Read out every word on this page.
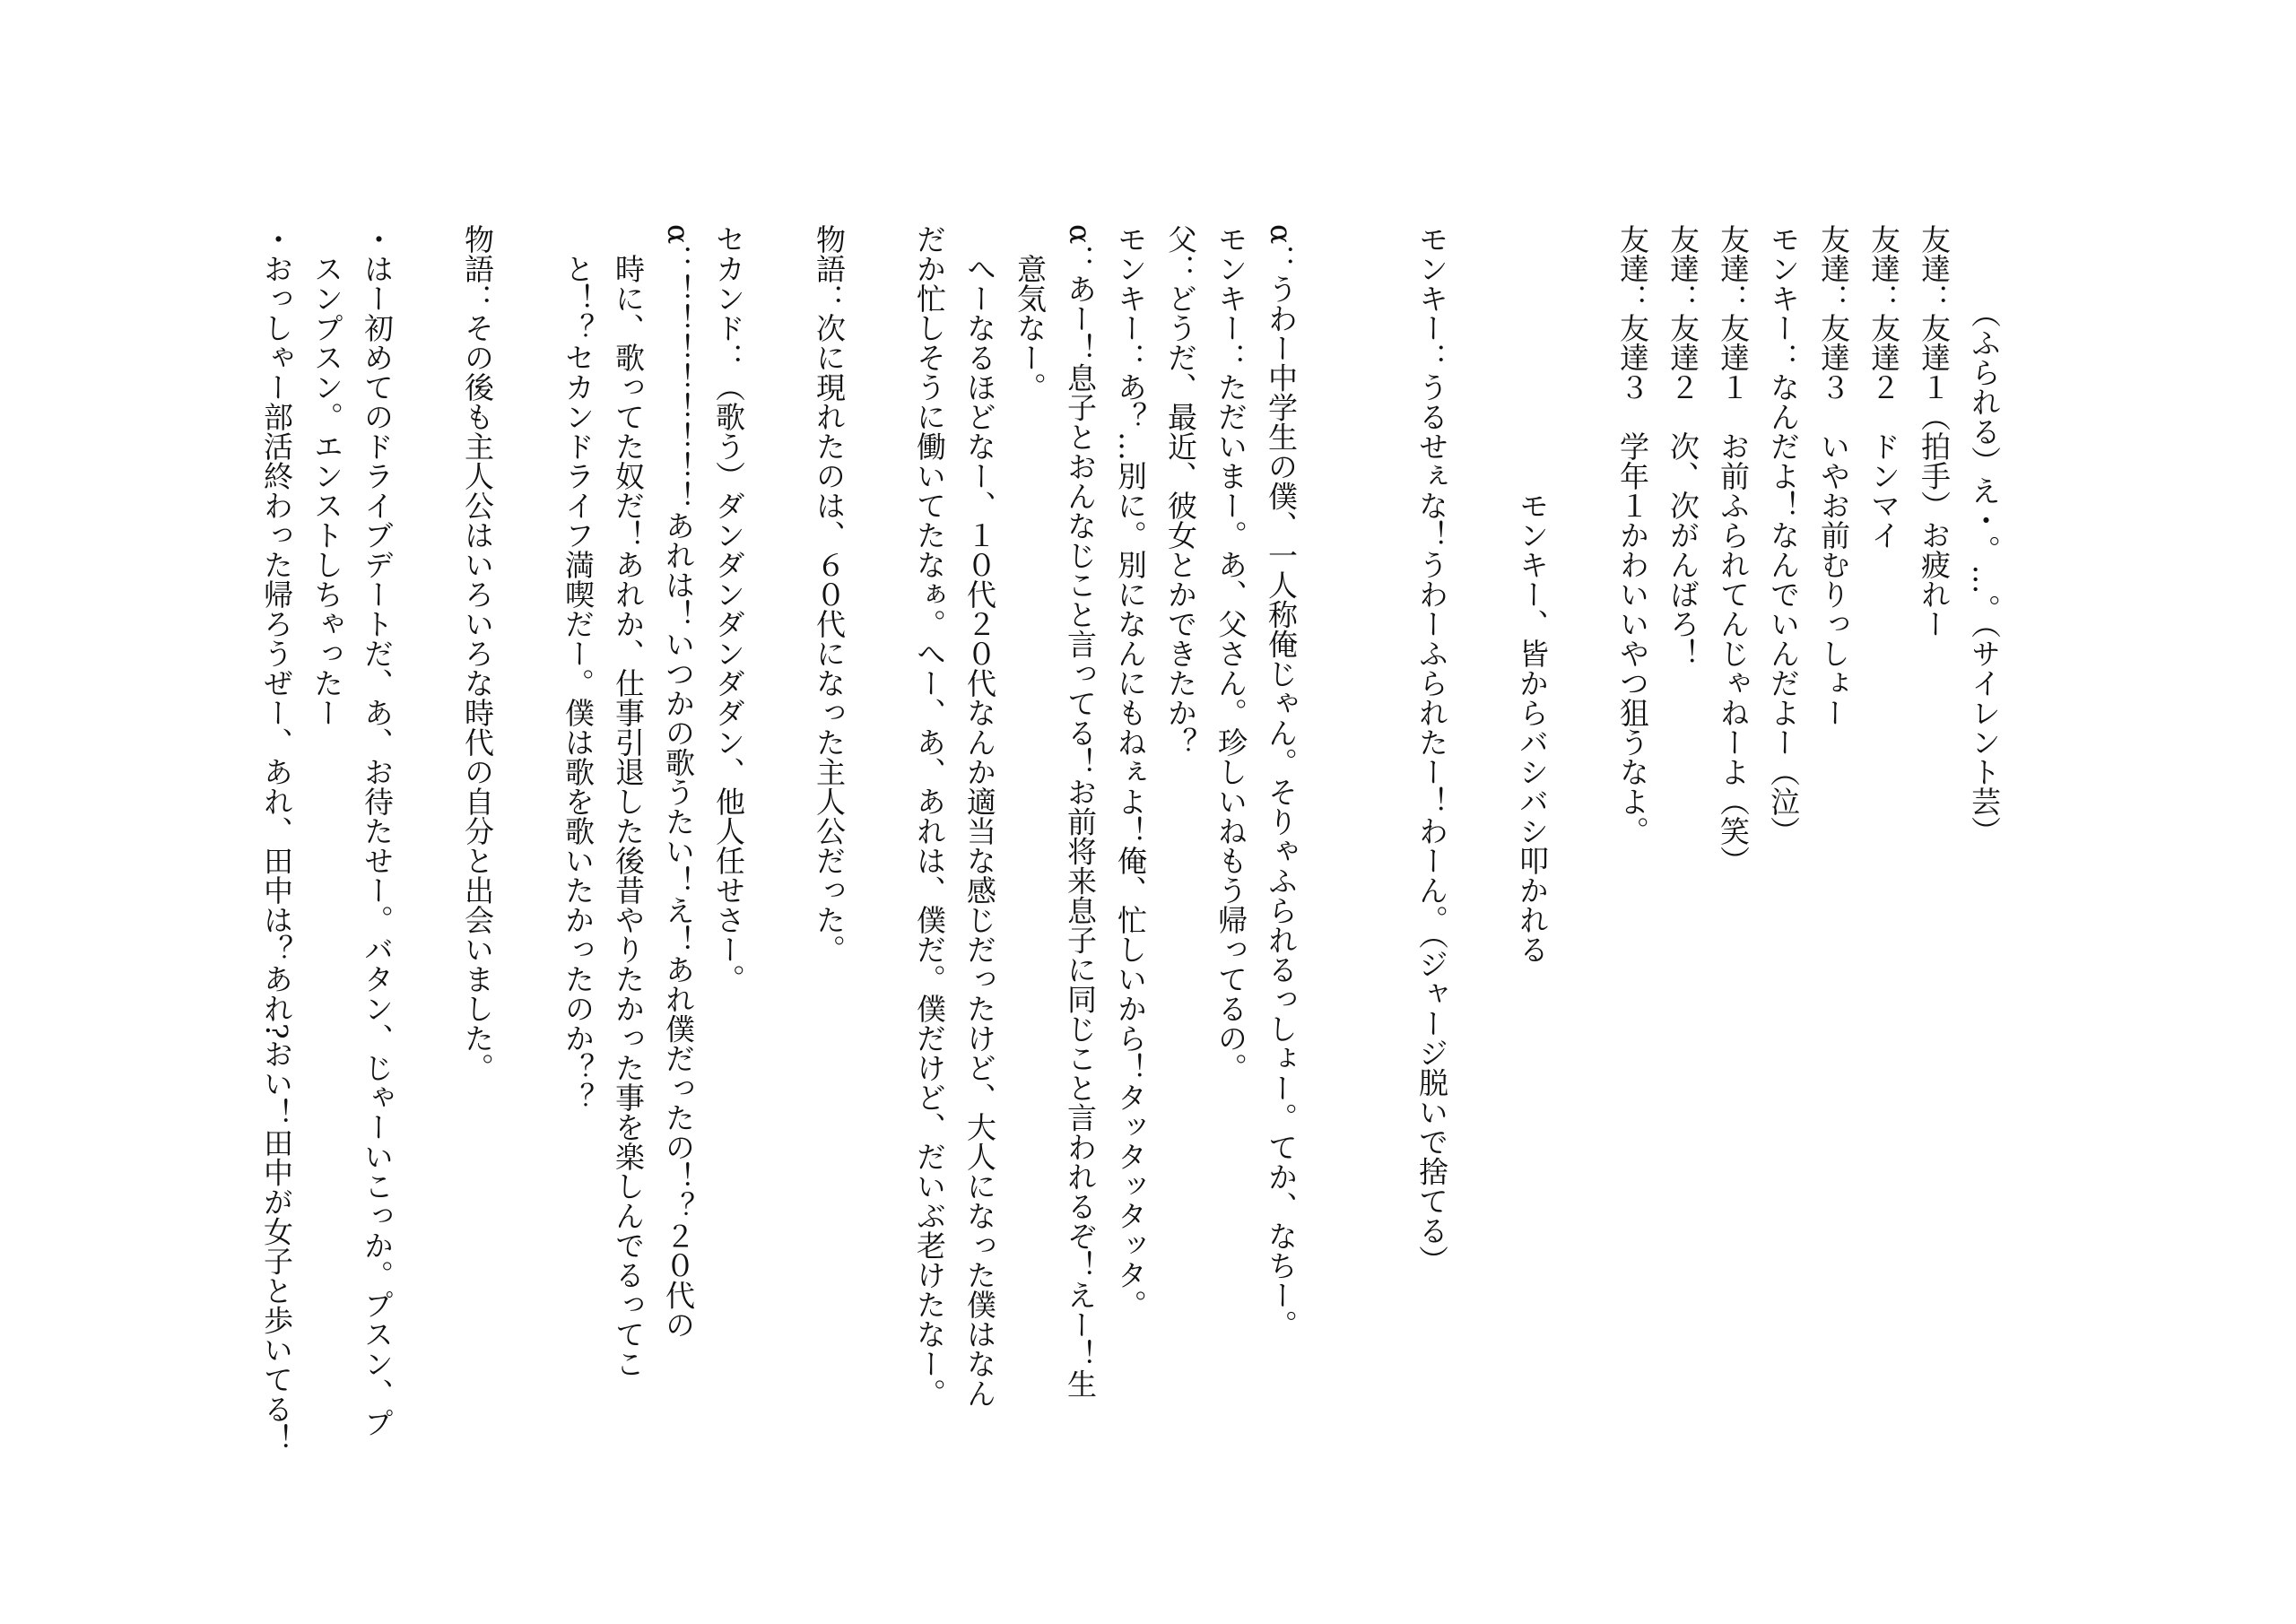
　　　（ふられる）え・。…。（サイレント芸）
友達：友達１（拍手）お疲れー
友達：友達２　ドンマイ
友達：友達３　いやお前むりっしょー
モンキー：なんだよ！なんでいんだよー（泣）
友達：友達１　お前ふられてんじゃねーよ（笑）
友達：友達２　次、次がんばろ！
友達：友達３　学年１かわいいやつ狙うなよ。

　　　　　　　　　モンキー、皆からバシバシ叩かれる

モンキー：うるせぇな！うわーふられたー！わーん。（ジャージ脱いで捨てる）

α：うわー中学生の僕、一人称俺じゃん。そりゃふられるっしょー。てか、なちー。
モンキー：ただいまー。あ、父さん。珍しいねもう帰ってるの。
父：どうだ、最近、彼女とかできたか？
モンキー：あ？…別に。別になんにもねぇよ！俺、忙しいから！タッタッタッタ。
α：あー！息子とおんなじこと言ってる！お前将来息子に同じこと言われるぞ！えー！生
　意気なー。
　へーなるほどなー、１０代２０代なんか適当な感じだったけど、大人になった僕はなん
だか忙しそうに働いてたなぁ。へー、あ、あれは、僕だ。僕だけど、だいぶ老けたなー。

物語：次に現れたのは、６０代になった主人公だった。

セカンド：（歌う）ダンダンダンダダン、他人任せさー。
α：！！！！！！！！あれは！いつかの歌うたい！え！あれ僕だったの！？２０代の
　時に、歌ってた奴だ！あれか、仕事引退した後昔やりたかった事を楽しんでるってこ
　と！？セカンドライフ満喫だー。僕は歌を歌いたかったのか？？

物語：その後も主人公はいろいろな時代の自分と出会いました。

・はー初めてのドライブデートだ、あ、お待たせー。バタン、じゃーいこっか。プスン、プ
　スンプスン。エンストしちゃったー
・おっしゃー部活終わった帰ろうぜー、あれ、田中は？あれ?おい！田中が女子と歩いてる！
